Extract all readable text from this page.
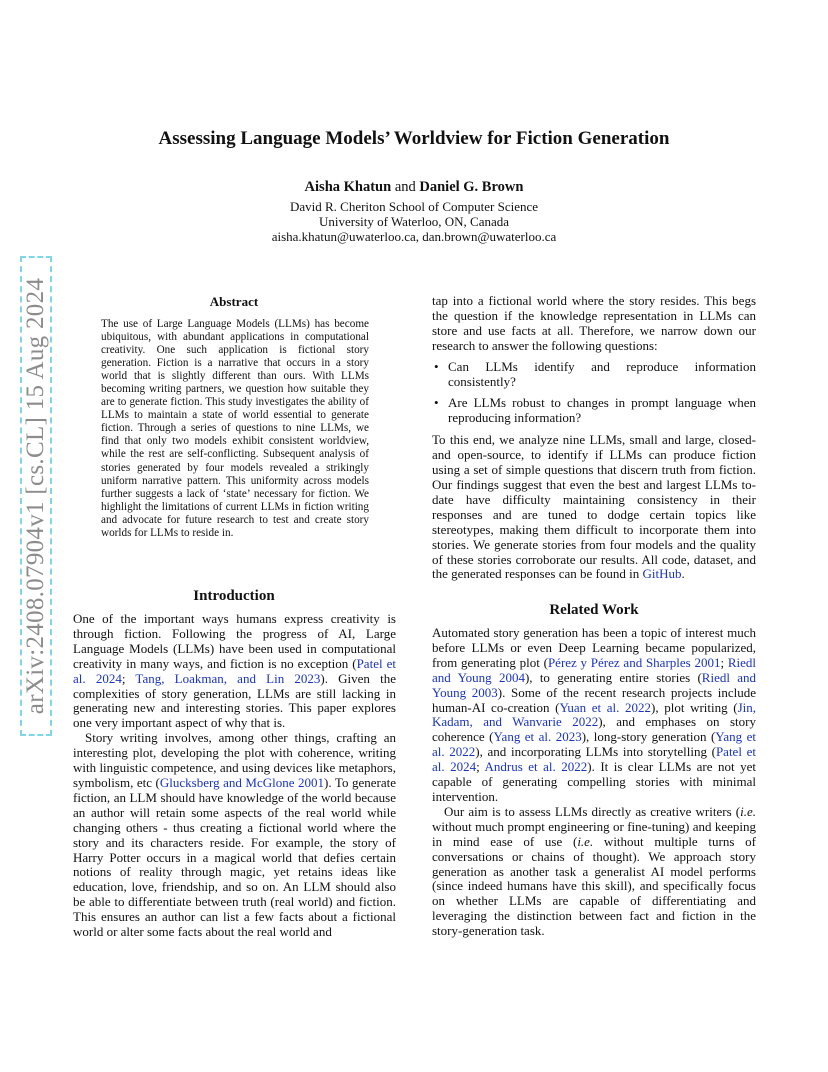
arXiv:2408.07904v1 [cs.CL] 15 Aug 2024
Assessing Language Models’ Worldview for Fiction Generation
Aisha Khatun and Daniel G. Brown
David R. Cheriton School of Computer Science
University of Waterloo, ON, Canada
aisha.khatun@uwaterloo.ca, dan.brown@uwaterloo.ca
Abstract
The use of Large Language Models (LLMs) has become ubiquitous, with abundant applications in computational creativity. One such application is fictional story generation. Fiction is a narrative that occurs in a story world that is slightly different than ours. With LLMs becoming writing partners, we question how suitable they are to generate fiction. This study investigates the ability of LLMs to maintain a state of world essential to generate fiction. Through a series of questions to nine LLMs, we find that only two models exhibit consistent worldview, while the rest are self-conflicting. Subsequent analysis of stories generated by four models revealed a strikingly uniform narrative pattern. This uniformity across models further suggests a lack of ‘state’ necessary for fiction. We highlight the limitations of current LLMs in fiction writing and advocate for future research to test and create story worlds for LLMs to reside in.
Introduction

One of the important ways humans express creativity is through fiction. Following the progress of AI, Large Language Models (LLMs) have been used in computational creativity in many ways, and fiction is no exception (Patel et al. 2024; Tang, Loakman, and Lin 2023). Given the complexities of story generation, LLMs are still lacking in generating new and interesting stories. This paper explores one very important aspect of why that is.

Story writing involves, among other things, crafting an interesting plot, developing the plot with coherence, writing with linguistic competence, and using devices like metaphors, symbolism, etc (Glucksberg and McGlone 2001). To generate fiction, an LLM should have knowledge of the world because an author will retain some aspects of the real world while changing others - thus creating a fictional world where the story and its characters reside. For example, the story of Harry Potter occurs in a magical world that defies certain notions of reality through magic, yet retains ideas like education, love, friendship, and so on. An LLM should also be able to differentiate between truth (real world) and fiction. This ensures an author can list a few facts about a fictional world or alter some facts about the real world and

tap into a fictional world where the story resides. This begs the question if the knowledge representation in LLMs can store and use facts at all. Therefore, we narrow down our research to answer the following questions:

• Can LLMs identify and reproduce information consistently?
• Are LLMs robust to changes in prompt language when reproducing information?

To this end, we analyze nine LLMs, small and large, closed- and open-source, to identify if LLMs can produce fiction using a set of simple questions that discern truth from fiction. Our findings suggest that even the best and largest LLMs to-date have difficulty maintaining consistency in their responses and are tuned to dodge certain topics like stereotypes, making them difficult to incorporate them into stories. We generate stories from four models and the quality of these stories corroborate our results. All code, dataset, and the generated responses can be found in GitHub.

Related Work

Automated story generation has been a topic of interest much before LLMs or even Deep Learning became popularized, from generating plot (Pérez y Pérez and Sharples 2001; Riedl and Young 2004), to generating entire stories (Riedl and Young 2003). Some of the recent research projects include human-AI co-creation (Yuan et al. 2022), plot writing (Jin, Kadam, and Wanvarie 2022), and emphases on story coherence (Yang et al. 2023), long-story generation (Yang et al. 2022), and incorporating LLMs into storytelling (Patel et al. 2024; Andrus et al. 2022). It is clear LLMs are not yet capable of generating compelling stories with minimal intervention.

Our aim is to assess LLMs directly as creative writers (i.e. without much prompt engineering or fine-tuning) and keeping in mind ease of use (i.e. without multiple turns of conversations or chains of thought). We approach story generation as another task a generalist AI model performs (since indeed humans have this skill), and specifically focus on whether LLMs are capable of differentiating and leveraging the distinction between fact and fiction in the story-generation task.
